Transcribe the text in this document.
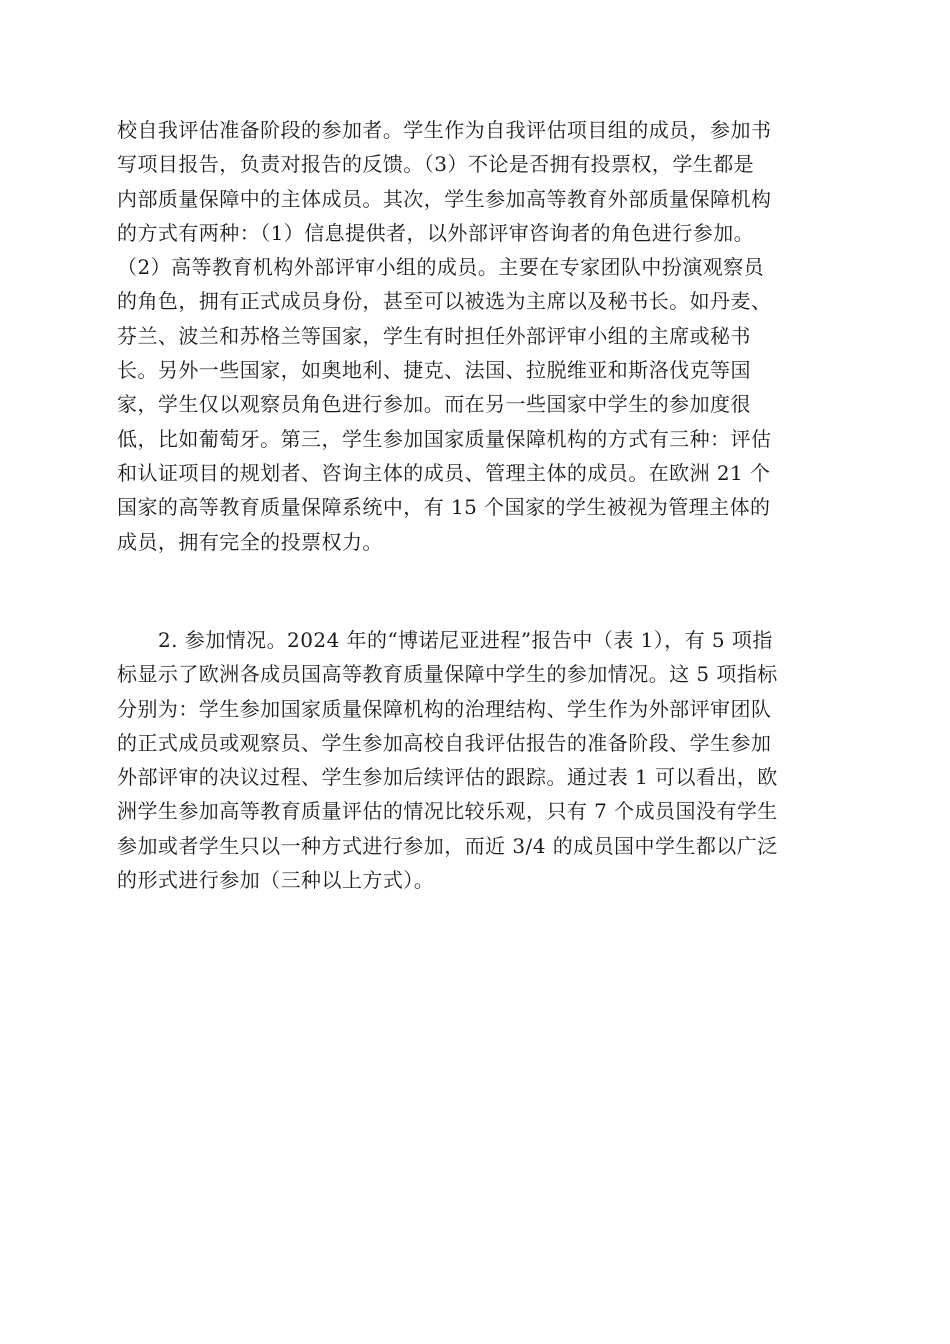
校自我评估准备阶段的参加者。学生作为自我评估项目组的成员，参加书
写项目报告，负责对报告的反馈。（3）不论是否拥有投票权，学生都是
内部质量保障中的主体成员。其次，学生参加高等教育外部质量保障机构
的方式有两种：（1）信息提供者，以外部评审咨询者的角色进行参加。
（2）高等教育机构外部评审小组的成员。主要在专家团队中扮演观察员
的角色，拥有正式成员身份，甚至可以被选为主席以及秘书长。如丹麦、
芬兰、波兰和苏格兰等国家，学生有时担任外部评审小组的主席或秘书
长。另外一些国家，如奥地利、捷克、法国、拉脱维亚和斯洛伐克等国
家，学生仅以观察员角色进行参加。而在另一些国家中学生的参加度很
低，比如葡萄牙。第三，学生参加国家质量保障机构的方式有三种：评估
和认证项目的规划者、咨询主体的成员、管理主体的成员。在欧洲 21 个
国家的高等教育质量保障系统中，有 15 个国家的学生被视为管理主体的
成员，拥有完全的投票权力。
2. 参加情况。2024 年的“博诺尼亚进程”报告中（表 1），有 5 项指
标显示了欧洲各成员国高等教育质量保障中学生的参加情况。这 5 项指标
分别为：学生参加国家质量保障机构的治理结构、学生作为外部评审团队
的正式成员或观察员、学生参加高校自我评估报告的准备阶段、学生参加
外部评审的决议过程、学生参加后续评估的跟踪。通过表 1 可以看出，欧
洲学生参加高等教育质量评估的情况比较乐观，只有 7 个成员国没有学生
参加或者学生只以一种方式进行参加，而近 3/4 的成员国中学生都以广泛
的形式进行参加（三种以上方式）。
